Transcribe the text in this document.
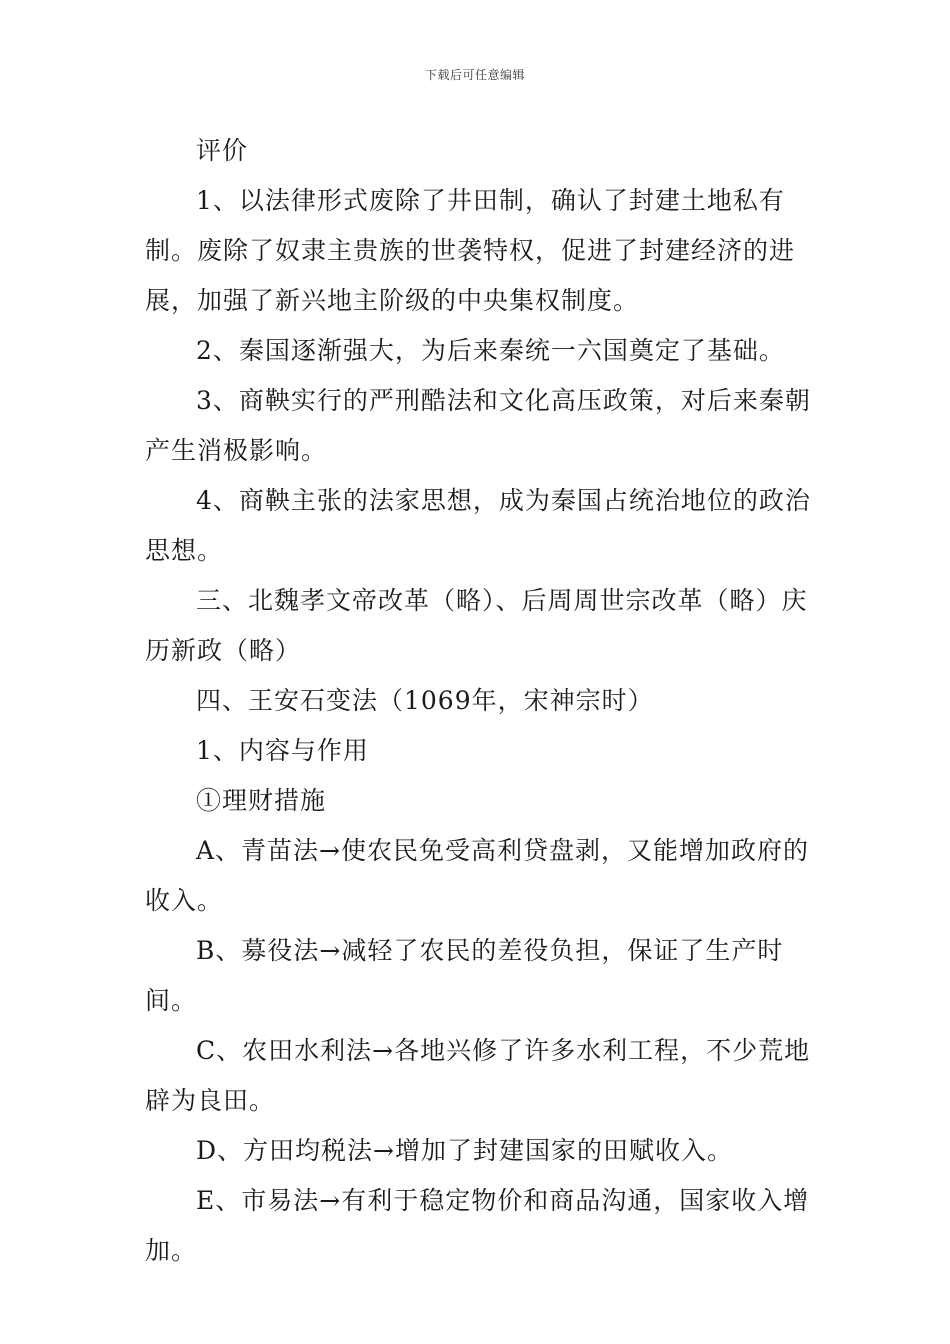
下载后可任意编辑

评价

1、以法律形式废除了井田制，确认了封建土地私有制。废除了奴隶主贵族的世袭特权，促进了封建经济的进展，加强了新兴地主阶级的中央集权制度。

2、秦国逐渐强大，为后来秦统一六国奠定了基础。

3、商鞅实行的严刑酷法和文化高压政策，对后来秦朝产生消极影响。

4、商鞅主张的法家思想，成为秦国占统治地位的政治思想。

三、北魏孝文帝改革（略）、后周周世宗改革（略）庆历新政（略）

四、王安石变法（1069年，宋神宗时）

1、内容与作用

①理财措施

A、青苗法→使农民免受高利贷盘剥，又能增加政府的收入。

B、募役法→减轻了农民的差役负担，保证了生产时间。

C、农田水利法→各地兴修了许多水利工程，不少荒地辟为良田。

D、方田均税法→增加了封建国家的田赋收入。

E、市易法→有利于稳定物价和商品沟通，国家收入增加。
